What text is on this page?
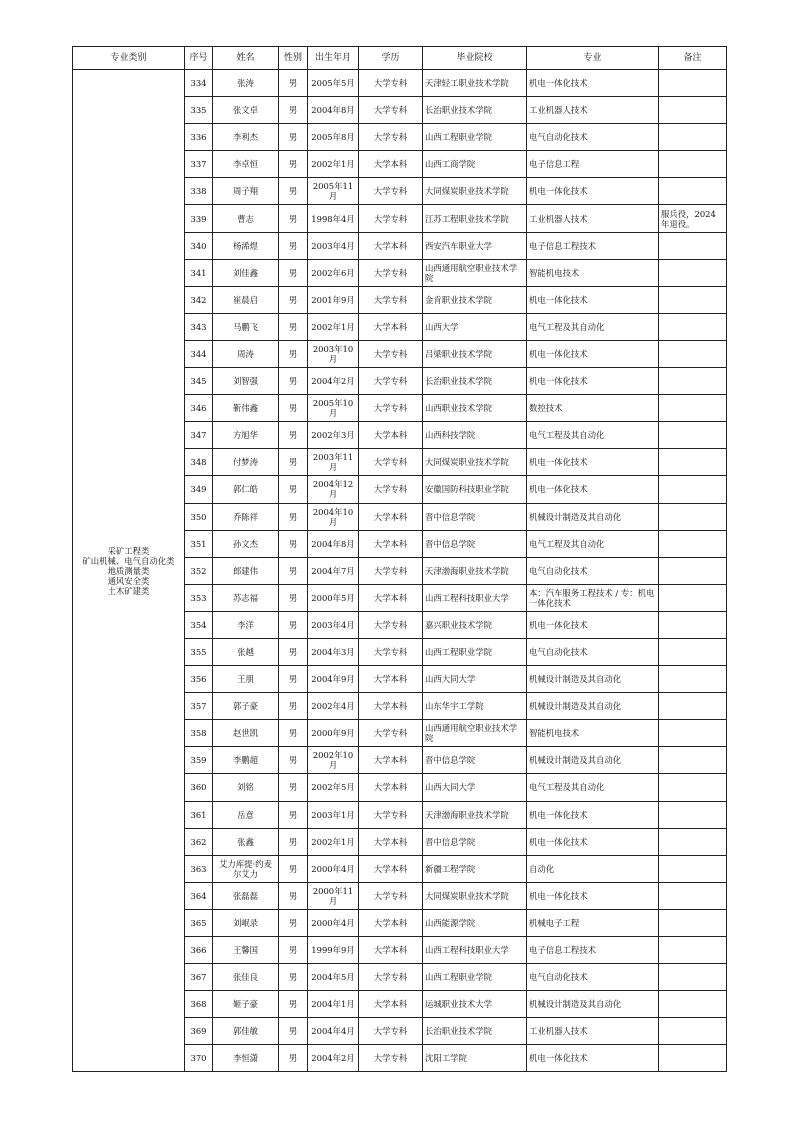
专业类别	序号	姓名	性别	出生年月	学历	毕业院校	专业	备注

采矿工程类
矿山机械、电气自动化类
地质测量类
通风安全类
土木矿建类	334	张涛	男	2005年5月	大学专科	天津轻工职业技术学院	机电一体化技术	
	335	张文卓	男	2004年8月	大学专科	长治职业技术学院	工业机器人技术	
	336	李利杰	男	2005年8月	大学专科	山西工程职业学院	电气自动化技术	
	337	李卓恒	男	2002年1月	大学本科	山西工商学院	电子信息工程	
	338	周子翔	男	2005年11月	大学专科	大同煤炭职业技术学院	机电一体化技术	
	339	曹志	男	1998年4月	大学专科	江苏工程职业技术学院	工业机器人技术	服兵役，2024年退役。
	340	杨浠煜	男	2003年4月	大学本科	西安汽车职业大学	电子信息工程技术	
	341	刘佳鑫	男	2002年6月	大学专科	山西通用航空职业技术学院	智能机电技术	
	342	崔晨启	男	2001年9月	大学专科	金肯职业技术学院	机电一体化技术	
	343	马鹏飞	男	2002年1月	大学本科	山西大学	电气工程及其自动化	
	344	周涛	男	2003年10月	大学专科	吕梁职业技术学院	机电一体化技术	
	345	刘智强	男	2004年2月	大学专科	长治职业技术学院	机电一体化技术	
	346	靳伟鑫	男	2005年10月	大学专科	山西职业技术学院	数控技术	
	347	方旭华	男	2002年3月	大学本科	山西科技学院	电气工程及其自动化	
	348	付梦涛	男	2003年11月	大学专科	大同煤炭职业技术学院	机电一体化技术	
	349	郭仁皓	男	2004年12月	大学专科	安徽国防科技职业学院	机电一体化技术	
	350	乔陈祥	男	2004年10月	大学本科	晋中信息学院	机械设计制造及其自动化	
	351	孙文杰	男	2004年8月	大学本科	晋中信息学院	电气工程及其自动化	
	352	郎建伟	男	2004年7月	大学专科	天津渤海职业技术学院	电气自动化技术	
	353	苏志福	男	2000年5月	大学本科	山西工程科技职业大学	本：汽车服务工程技术 / 专：机电一体化技术	
	354	李洋	男	2003年4月	大学专科	嘉兴职业技术学院	机电一体化技术	
	355	张越	男	2004年3月	大学专科	山西工程职业学院	电气自动化技术	
	356	王朋	男	2004年9月	大学本科	山西大同大学	机械设计制造及其自动化	
	357	郭子豪	男	2002年4月	大学本科	山东华宇工学院	机械设计制造及其自动化	
	358	赵世凯	男	2000年9月	大学专科	山西通用航空职业技术学院	智能机电技术	
	359	李鹏超	男	2002年10月	大学本科	晋中信息学院	机械设计制造及其自动化	
	360	刘铭	男	2002年5月	大学本科	山西大同大学	电气工程及其自动化	
	361	岳意	男	2003年1月	大学专科	天津渤海职业技术学院	机电一体化技术	
	362	张鑫	男	2002年1月	大学本科	晋中信息学院	机电一体化技术	
	363	艾力库提·约麦尔艾力	男	2000年4月	大学本科	新疆工程学院	自动化	
	364	张磊磊	男	2000年11月	大学专科	大同煤炭职业技术学院	机电一体化技术	
	365	刘岷录	男	2000年4月	大学本科	山西能源学院	机械电子工程	
	366	王馨国	男	1999年9月	大学本科	山西工程科技职业大学	电子信息工程技术	
	367	张佳良	男	2004年5月	大学专科	山西工程职业学院	电气自动化技术	
	368	姬子豪	男	2004年1月	大学本科	运城职业技术大学	机械设计制造及其自动化	
	369	郭佳敏	男	2004年4月	大学专科	长治职业技术学院	工业机器人技术	
	370	李恒潇	男	2004年2月	大学专科	沈阳工学院	机电一体化技术	
